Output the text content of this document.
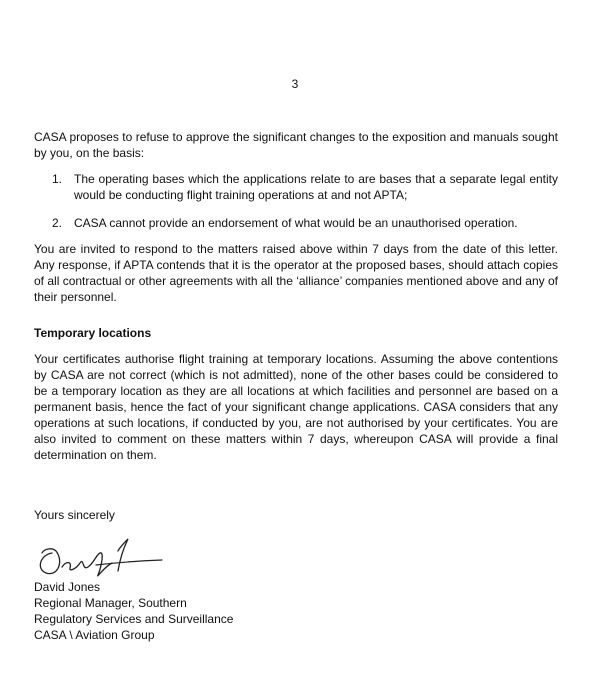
3

CASA proposes to refuse to approve the significant changes to the exposition and manuals sought by you, on the basis:

1. The operating bases which the applications relate to are bases that a separate legal entity would be conducting flight training operations at and not APTA;
2. CASA cannot provide an endorsement of what would be an unauthorised operation.

You are invited to respond to the matters raised above within 7 days from the date of this letter. Any response, if APTA contends that it is the operator at the proposed bases, should attach copies of all contractual or other agreements with all the ‘alliance’ companies mentioned above and any of their personnel.

Temporary locations

Your certificates authorise flight training at temporary locations. Assuming the above contentions by CASA are not correct (which is not admitted), none of the other bases could be considered to be a temporary location as they are all locations at which facilities and personnel are based on a permanent basis, hence the fact of your significant change applications. CASA considers that any operations at such locations, if conducted by you, are not authorised by your certificates. You are also invited to comment on these matters within 7 days, whereupon CASA will provide a final determination on them.

Yours sincerely

David Jones
Regional Manager, Southern
Regulatory Services and Surveillance
CASA \ Aviation Group
